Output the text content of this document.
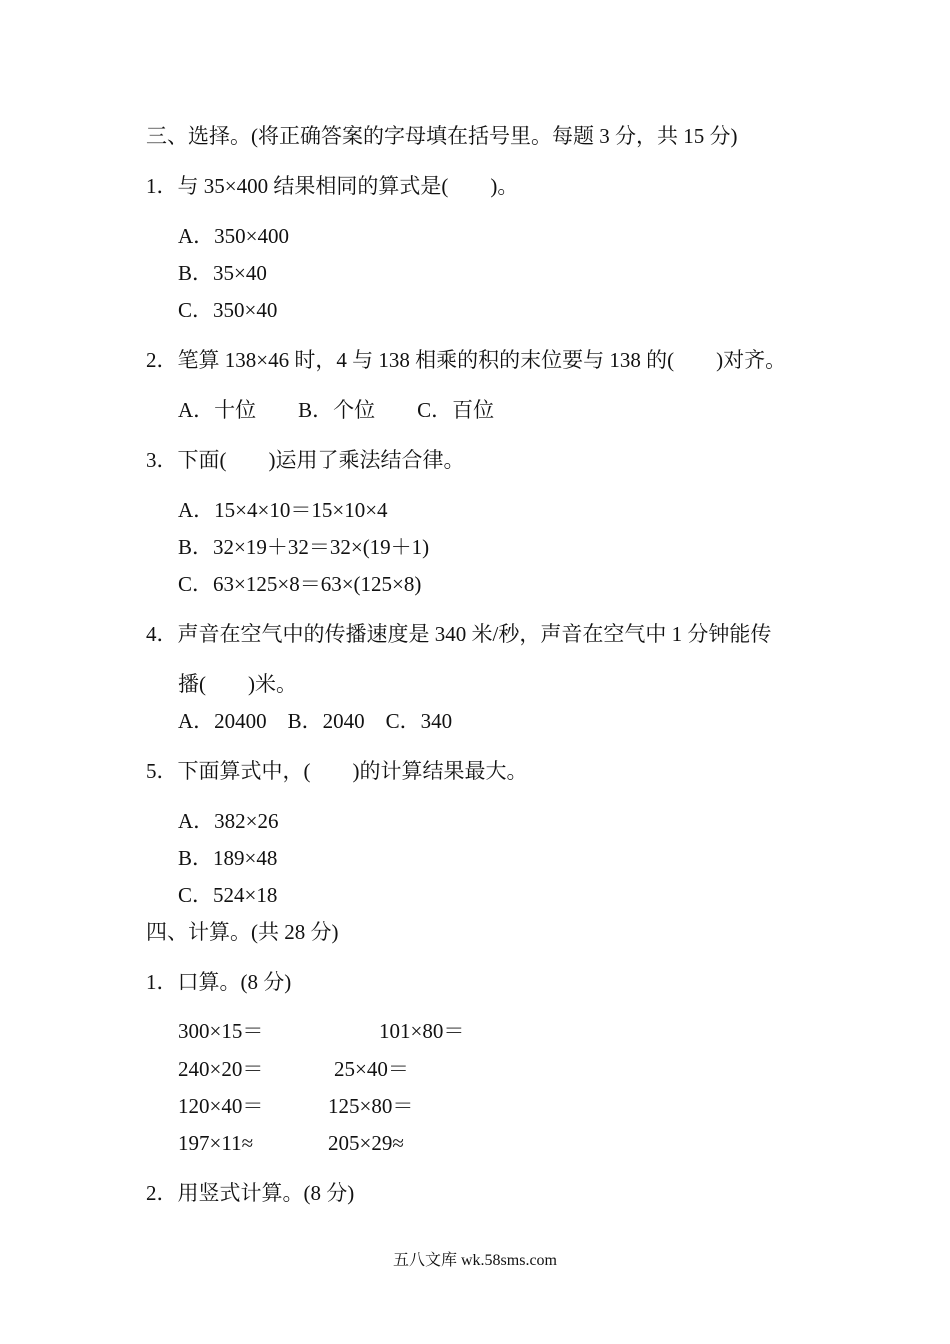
三、选择。(将正确答案的字母填在括号里。每题 3 分，共 15 分)
1．与 35×400 结果相同的算式是(　　)。
A．350×400
B．35×40
C．350×40
2．笔算 138×46 时，4 与 138 相乘的积的末位要与 138 的(　　)对齐。
A．十位　　B．个位　　C．百位
3．下面(　　)运用了乘法结合律。
A．15×4×10＝15×10×4
B．32×19＋32＝32×(19＋1)
C．63×125×8＝63×(125×8)
4．声音在空气中的传播速度是 340 米/秒，声音在空气中 1 分钟能传
播(　　)米。
A．20400　B．2040　C．340
5．下面算式中，(　　)的计算结果最大。
A．382×26
B．189×48
C．524×18
四、计算。(共 28 分)
1．口算。(8 分)
300×15＝	101×80＝
240×20＝	25×40＝
120×40＝	125×80＝
197×11≈	205×29≈
2．用竖式计算。(8 分)
五八文库 wk.58sms.com
